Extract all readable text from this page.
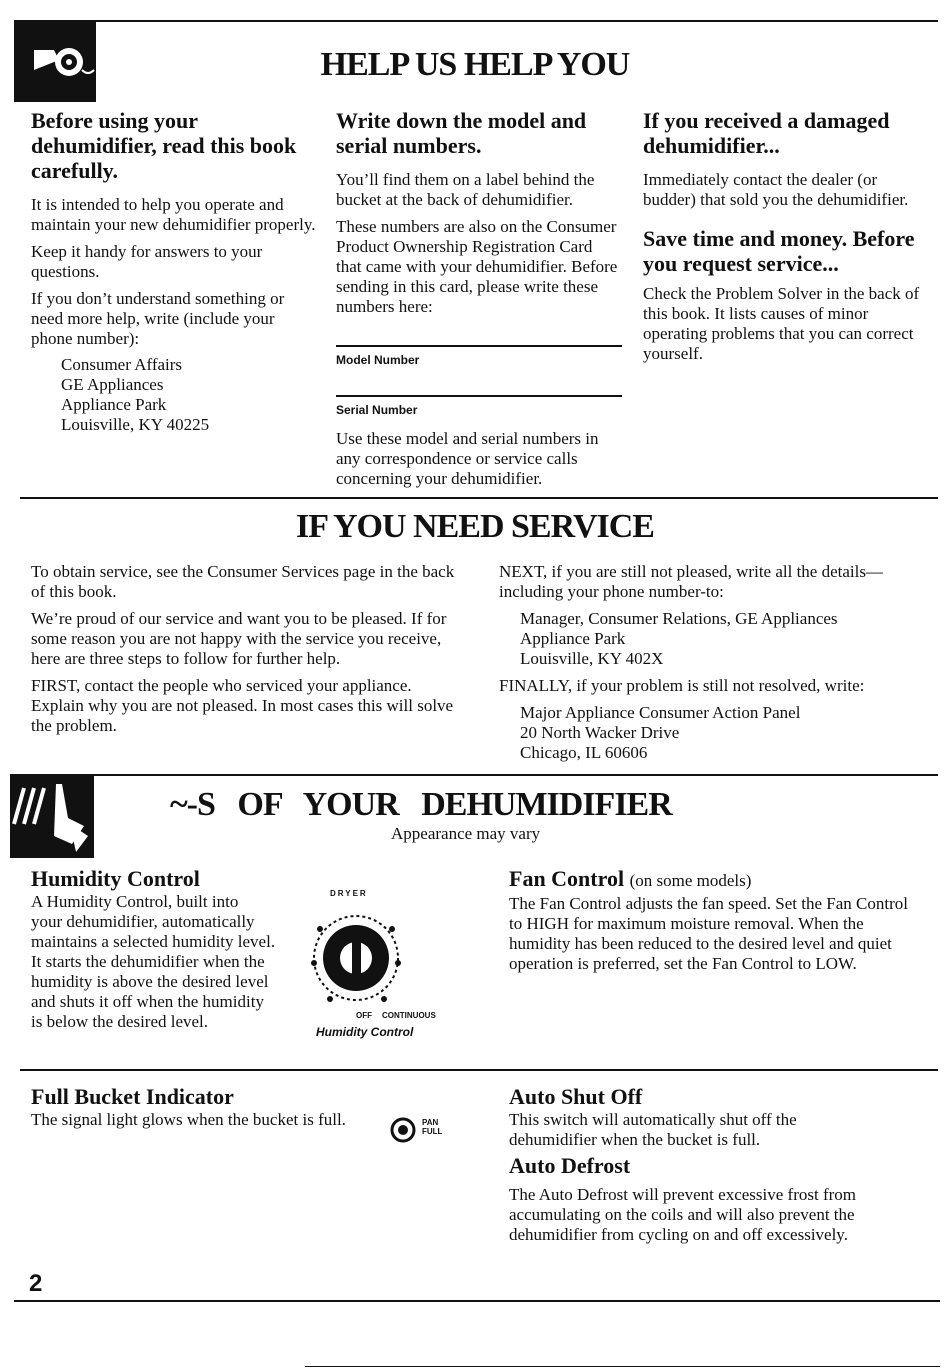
HELP US HELP YOU
Before using your dehumidifier, read this book carefully.

It is intended to help you operate and maintain your new dehumidifier properly.

Keep it handy for answers to your questions.

If you don’t understand something or need more help, write (include your phone number):

Consumer Affairs
GE Appliances
Appliance Park
Louisville, KY 40225
Write down the model and serial numbers.

You’ll find them on a label behind the bucket at the back of dehumidifier.

These numbers are also on the Consumer Product Ownership Registration Card that came with your dehumidifier. Before sending in this card, please write these numbers here:

Model Number
Serial Number

Use these model and serial numbers in any correspondence or service calls concerning your dehumidifier.

If you received a damaged dehumidifier...

Immediately contact the dealer (or budder) that sold you the dehumidifier.

Save time and money. Before you request service...

Check the Problem Solver in the back of this book. It lists causes of minor operating problems that you can correct yourself.

IF YOU NEED SERVICE

To obtain service, see the Consumer Services page in the back of this book.

We’re proud of our service and want you to be pleased. If for some reason you are not happy with the service you receive, here are three steps to follow for further help.

FIRST, contact the people who serviced your appliance. Explain why you are not pleased. In most cases this will solve the problem.

NEXT, if you are still not pleased, write all the details—including your phone number-to:

Manager, Consumer Relations, GE Appliances
Appliance Park
Louisville, KY 402X

FINALLY, if your problem is still not resolved, write:

Major Appliance Consumer Action Panel
20 North Wacker Drive
Chicago, IL 60606
~-S   OF   YOUR   DEHUMIDIFIER
Appearance may vary
Humidity Control
A Humidity Control, built into
your dehumidifier, automatically
maintains a selected humidity level.
It starts the dehumidifier when the
humidity is above the desired level
and shuts it off when the humidity
is below the desired level.
DRYER
OFF CONTINUOUS
Humidity Control
Fan Control (on some models)

The Fan Control adjusts the fan speed. Set the Fan Control to HIGH for maximum moisture removal. When the humidity has been reduced to the desired level and quiet operation is preferred, set the Fan Control to LOW.

Full Bucket Indicator

The signal light glows when the bucket is full.	PAN
FULL
Auto Shut Off

This switch will automatically shut off the dehumidifier when the bucket is full.

Auto Defrost

The Auto Defrost will prevent excessive frost from accumulating on the coils and will also prevent the dehumidifier from cycling on and off excessively.

2
